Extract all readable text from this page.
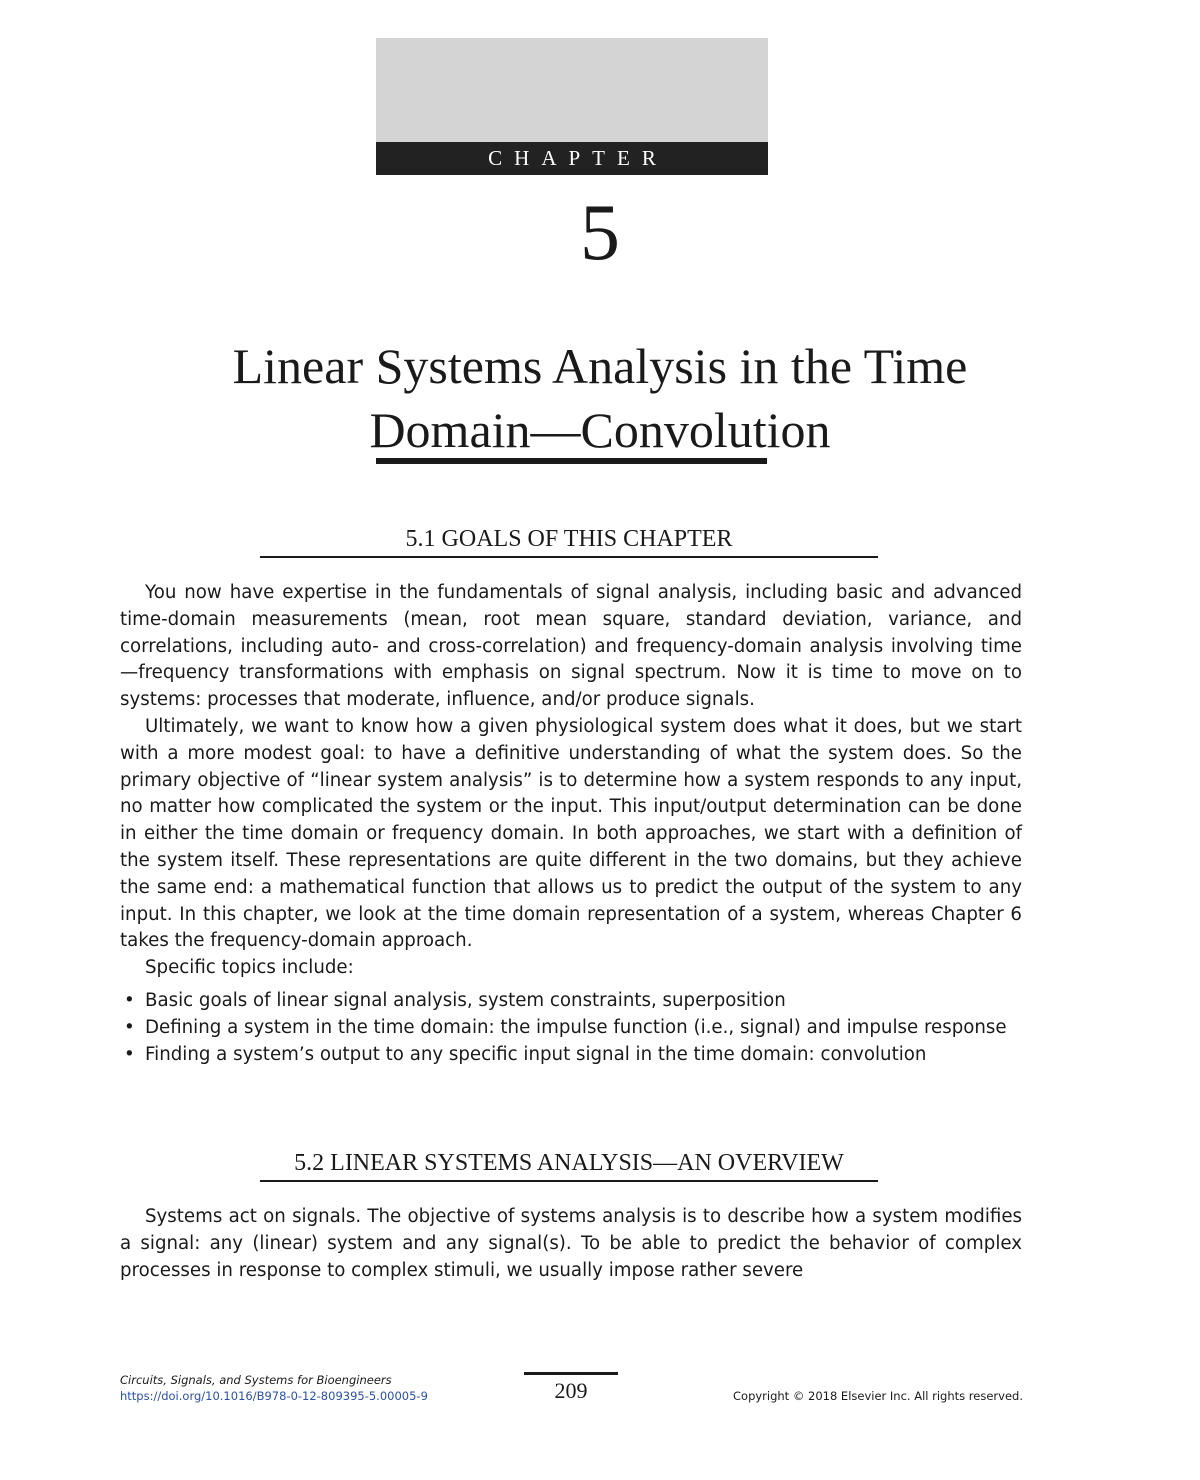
CHAPTER
5
Linear Systems Analysis in the Time
Domain—Convolution
5.1 GOALS OF THIS CHAPTER

You now have expertise in the fundamentals of signal analysis, including basic and advanced time-domain measurements (mean, root mean square, standard deviation, variance, and correlations, including auto- and cross-correlation) and frequency-domain analysis involving time—frequency transformations with emphasis on signal spectrum. Now it is time to move on to systems: processes that moderate, influence, and/or produce signals.

Ultimately, we want to know how a given physiological system does what it does, but we start with a more modest goal: to have a definitive understanding of what the system does. So the primary objective of “linear system analysis” is to determine how a system responds to any input, no matter how complicated the system or the input. This input/output determination can be done in either the time domain or frequency domain. In both approaches, we start with a definition of the system itself. These representations are quite different in the two domains, but they achieve the same end: a mathematical function that allows us to predict the output of the system to any input. In this chapter, we look at the time domain representation of a system, whereas Chapter 6 takes the frequency-domain approach.

Specific topics include:

• Basic goals of linear signal analysis, system constraints, superposition
• Defining a system in the time domain: the impulse function (i.e., signal) and impulse response
• Finding a system’s output to any specific input signal in the time domain: convolution
5.2 LINEAR SYSTEMS ANALYSIS—AN OVERVIEW

Systems act on signals. The objective of systems analysis is to describe how a system modifies a signal: any (linear) system and any signal(s). To be able to predict the behavior of complex processes in response to complex stimuli, we usually impose rather severe

Circuits, Signals, and Systems for Bioengineers
https://doi.org/10.1016/B978-0-12-809395-5.00005-9	209	Copyright © 2018 Elsevier Inc. All rights reserved.
